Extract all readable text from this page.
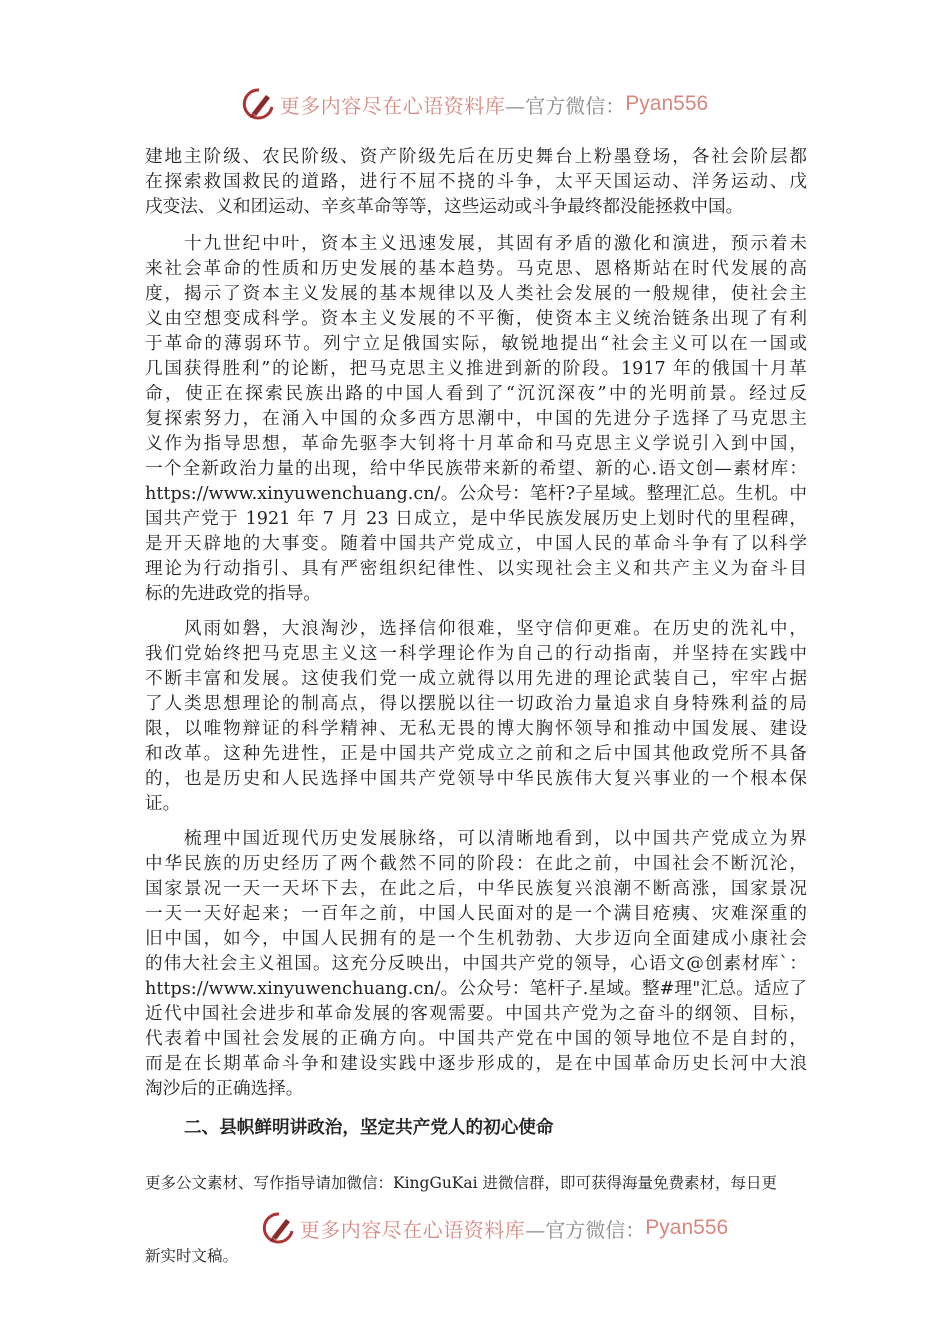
更多内容尽在心语资料库 —官方微信： Pyan556
建地主阶级、农民阶级、资产阶级先后在历史舞台上粉墨登场，各社会阶层都
在探索救国救民的道路，进行不屈不挠的斗争，太平天国运动、洋务运动、戊
戌变法、义和团运动、辛亥革命等等，这些运动或斗争最终都没能拯救中国。
十九世纪中叶，资本主义迅速发展，其固有矛盾的激化和演进，预示着未
来社会革命的性质和历史发展的基本趋势。马克思、恩格斯站在时代发展的高
度，揭示了资本主义发展的基本规律以及人类社会发展的一般规律，使社会主
义由空想变成科学。资本主义发展的不平衡，使资本主义统治链条出现了有利
于革命的薄弱环节。列宁立足俄国实际，敏锐地提出“社会主义可以在一国或
几国获得胜利”的论断，把马克思主义推进到新的阶段。1917 年的俄国十月革
命，使正在探索民族出路的中国人看到了“沉沉深夜”中的光明前景。经过反
复探索努力，在涌入中国的众多西方思潮中，中国的先进分子选择了马克思主
义作为指导思想，革命先驱李大钊将十月革命和马克思主义学说引入到中国，
一个全新政治力量的出现，给中华民族带来新的希望、新的心.语文创—素材库：
https://www.xinyuwenchuang.cn/。公众号：笔杆?子星域。整理汇总。生机。中
国共产党于 1921 年 7 月 23 日成立，是中华民族发展历史上划时代的里程碑，
是开天辟地的大事变。随着中国共产党成立，中国人民的革命斗争有了以科学
理论为行动指引、具有严密组织纪律性、以实现社会主义和共产主义为奋斗目
标的先进政党的指导。
风雨如磐，大浪淘沙，选择信仰很难，坚守信仰更难。在历史的洗礼中，
我们党始终把马克思主义这一科学理论作为自己的行动指南，并坚持在实践中
不断丰富和发展。这使我们党一成立就得以用先进的理论武装自己，牢牢占据
了人类思想理论的制高点，得以摆脱以往一切政治力量追求自身特殊利益的局
限，以唯物辩证的科学精神、无私无畏的博大胸怀领导和推动中国发展、建设
和改革。这种先进性，正是中国共产党成立之前和之后中国其他政党所不具备
的，也是历史和人民选择中国共产党领导中华民族伟大复兴事业的一个根本保
证。
梳理中国近现代历史发展脉络，可以清晰地看到，以中国共产党成立为界
中华民族的历史经历了两个截然不同的阶段：在此之前，中国社会不断沉沦，
国家景况一天一天坏下去，在此之后，中华民族复兴浪潮不断高涨，国家景况
一天一天好起来；一百年之前，中国人民面对的是一个满目疮痍、灾难深重的
旧中国，如今，中国人民拥有的是一个生机勃勃、大步迈向全面建成小康社会
的伟大社会主义祖国。这充分反映出，中国共产党的领导，心语文@创素材库`：
https://www.xinyuwenchuang.cn/。公众号：笔杆子.星域。整#理"汇总。适应了
近代中国社会进步和革命发展的客观需要。中国共产党为之奋斗的纲领、目标，
代表着中国社会发展的正确方向。中国共产党在中国的领导地位不是自封的，
而是在长期革命斗争和建设实践中逐步形成的，是在中国革命历史长河中大浪
淘沙后的正确选择。
二、县帜鲜明讲政治，坚定共产党人的初心使命
更多公文素材、写作指导请加微信：KingGuKai 进微信群，即可获得海量免费素材，每日更
更多内容尽在心语资料库 —官方微信： Pyan556
新实时文稿。
